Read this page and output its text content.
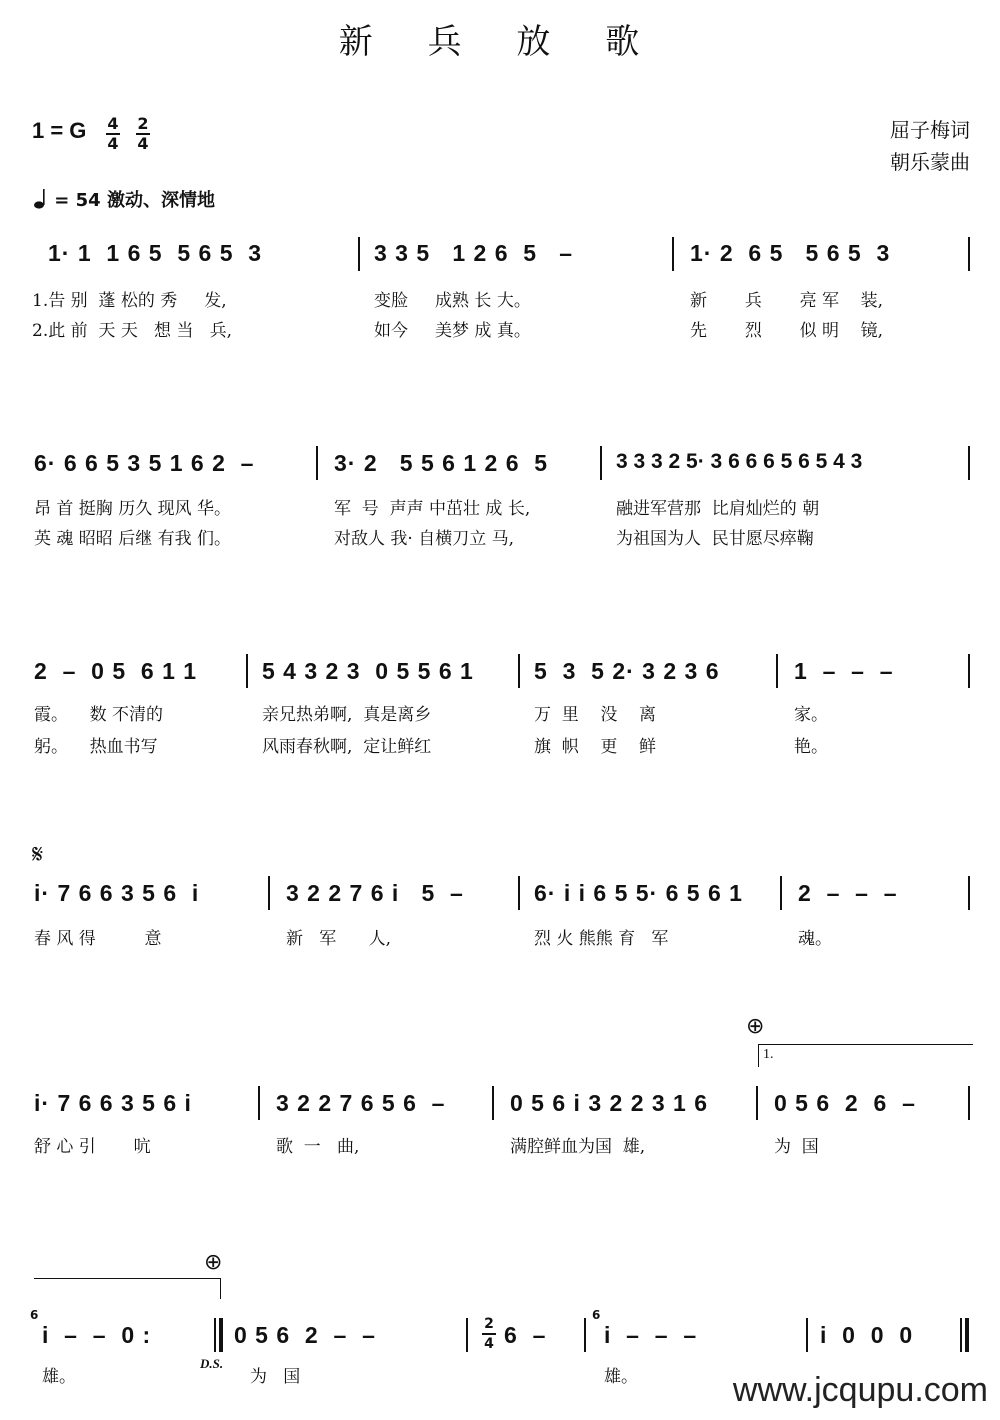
新 兵 放 歌
1 = G 4
4
2
4
屈子梅词
朝乐蒙曲
= 54 激动、深情地
1· 1  1 6 5  5 6 5  3	3 3 5   1 2 6  5   –	1· 2  6 5   5 6 5  3
1.告 别  蓬 松的 秀     发,	变脸     成熟 长 大。	新       兵       亮 军    装,
2.此 前  天 天   想 当   兵,	如今     美梦 成 真。	先       烈       似 明    镜,
6· 6 6 5 3 5 1 6 2  –	3· 2   5 5 6 1 2 6  5	3 3 3 2 5· 3 6 6 6 5 6 5 4 3
昂 首 挺胸 历久 现风 华。	军  号  声声 中茁壮 成 长,	融进军营那  比肩灿烂的 朝
英 魂 昭昭 后继 有我 们。	对敌人 我· 自横刀立 马,	为祖国为人  民甘愿尽瘁鞠
2  –  0 5  6 1 1	5 4 3 2 3  0 5 5 6 1	5  3  5 2· 3 2 3 6	1  –  –  –
霞。    数 不清的	亲兄热弟啊,  真是离乡	万  里    没    离	家。
躬。    热血书写	风雨春秋啊,  定让鲜红	旗  帜    更    鲜	艳。
𝄋
i· 7 6 6 3 5 6  i	3 2 2 7 6 i   5  –	6· i i 6 5 5· 6 5 6 1 2  –  –  –
春 风 得         意	新   军      人,	烈 火 熊熊 育   军	魂。
⊕
1.
i· 7 6 6 3 5 6 i	3 2 2 7 6 5 6  –	0 5 6 i 3 2 2 3 1 6	0 5 6  2  6  –
舒 心 引       吭	歌  一   曲,	满腔鲜血为国  雄,	为  国
⊕
6
i  –  –  0 :	0 5 6  2  –  –
D.S.
2
4 6  –
6
i  –  –  –	i  0  0  0
雄。	为   国	雄。	www.jcqupu.com
